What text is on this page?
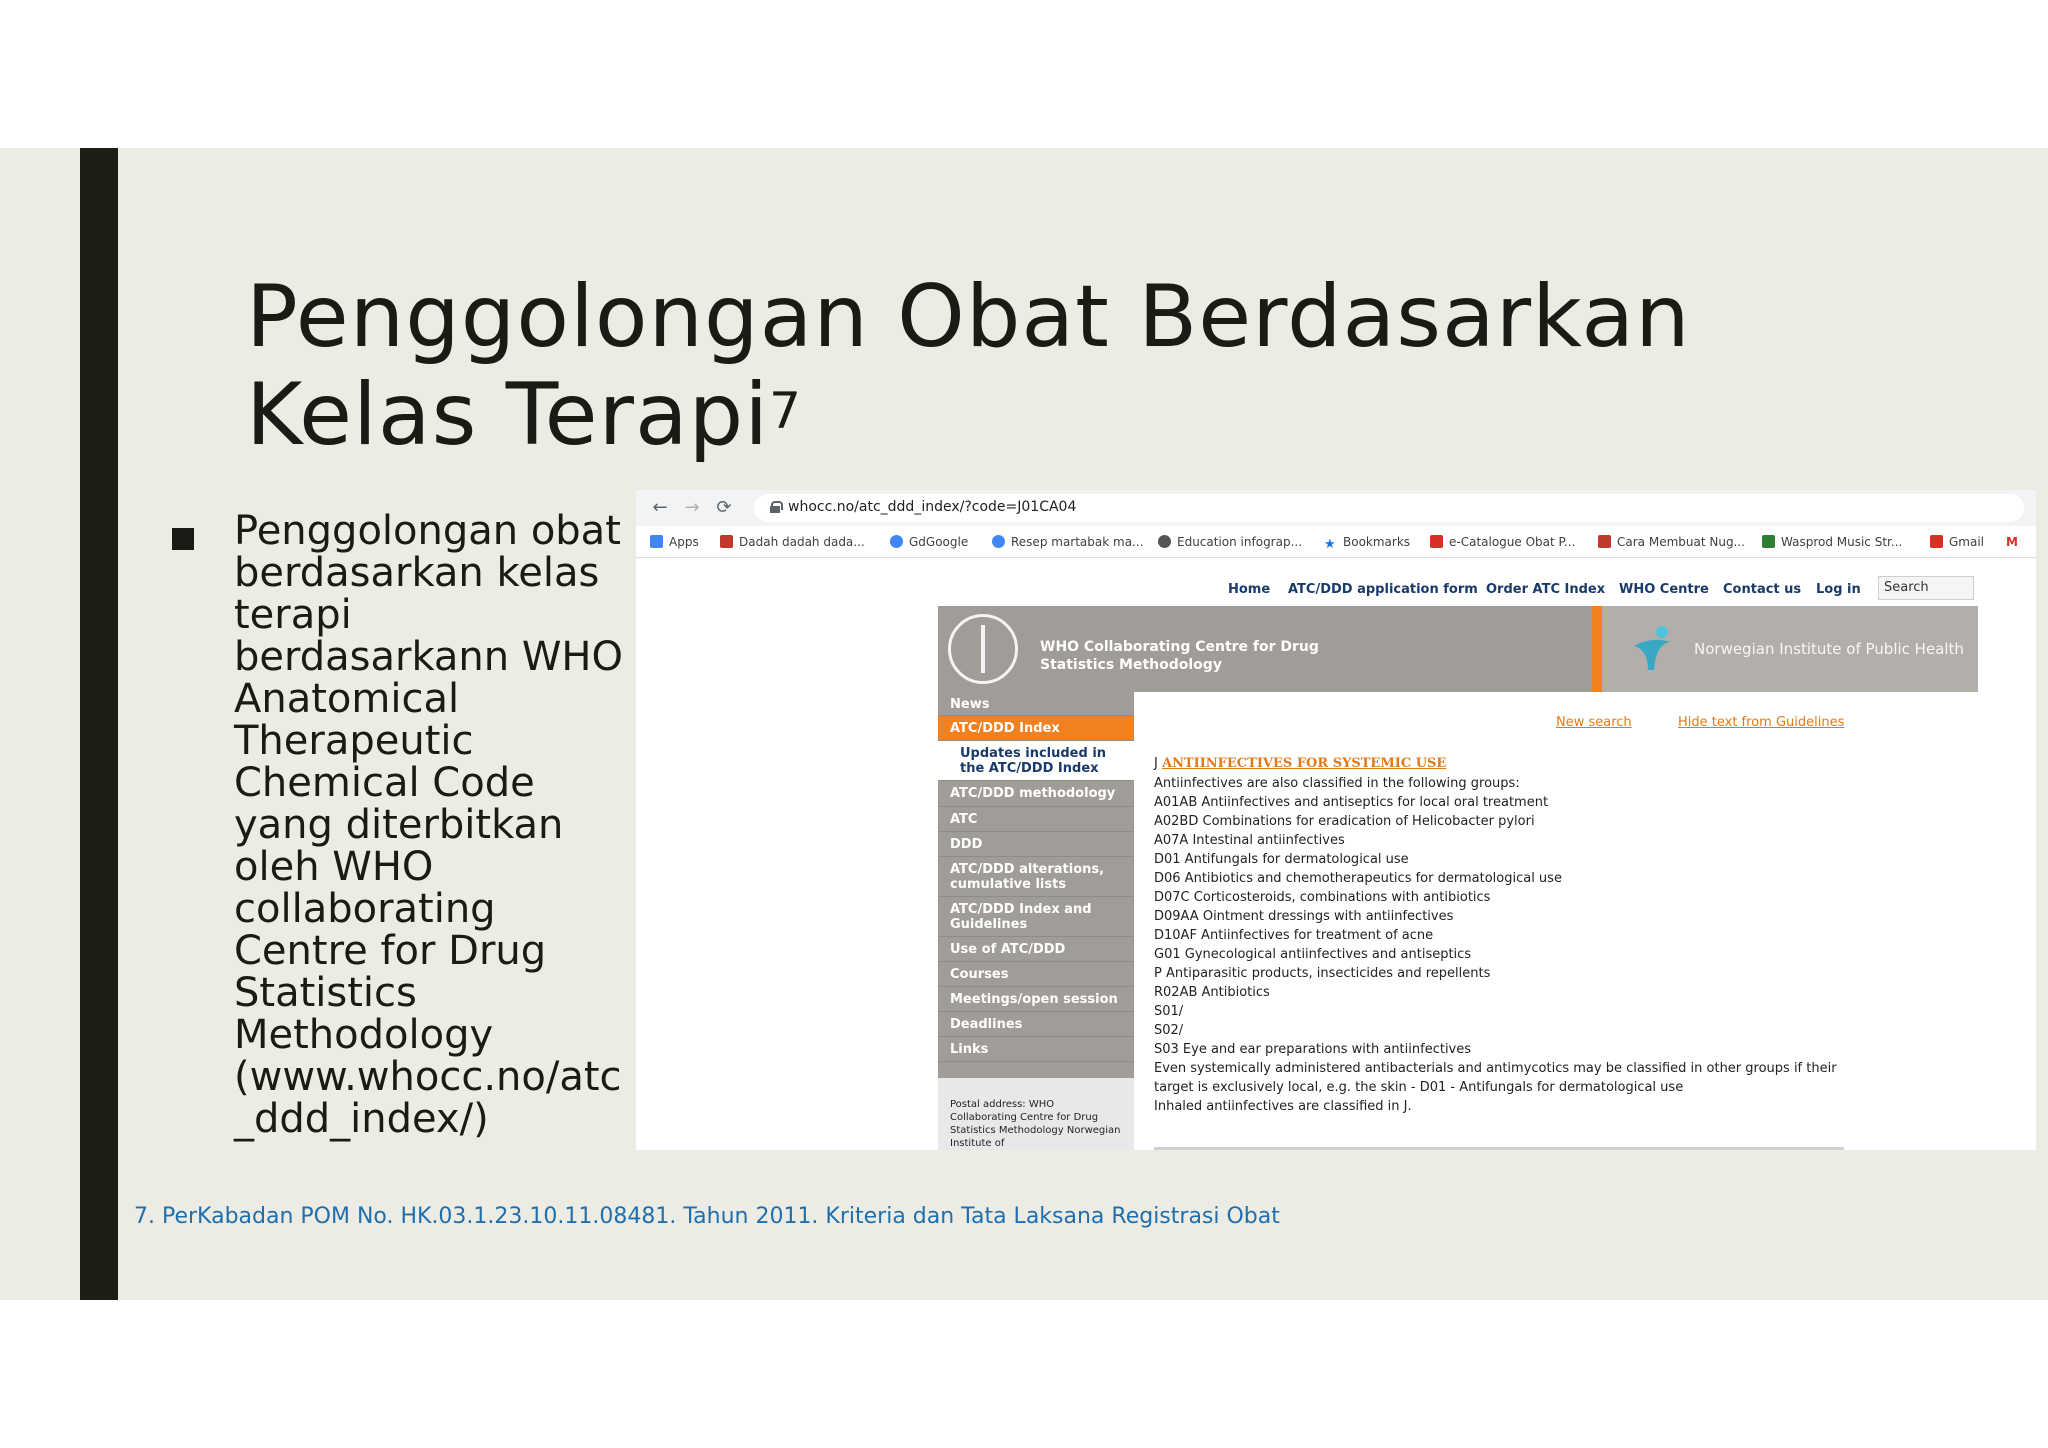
Penggolongan Obat Berdasarkan
Kelas Terapi$^7$
Penggolongan obat berdasarkan kelas terapi berdasarkann WHO Anatomical Therapeutic Chemical Code yang diterbitkan oleh WHO collaborating Centre for Drug Statistics Methodology (www.whocc.no/atc _ddd_index/)
7. PerKabadan POM No. HK.03.1.23.10.11.08481. Tahun 2011. Kriteria dan Tata Laksana Registrasi Obat
← → ⟳	whocc.no/atc_ddd_index/?code=J01CA04
Apps	Dadah dadah dada...	GdGoogle	Resep martabak ma...	Education infograp... ★ Bookmarks	e-Catalogue Obat P...	Cara Membuat Nug...	Wasprod Music Str...	Gmail M
Home ATC/DDD application form Order ATC Index WHO Centre Contact us Log in	Search
WHO Collaborating Centre for Drug Statistics Methodology
Norwegian Institute of Public Health
News
ATC/DDD Index
Updates included in the ATC/DDD Index
ATC/DDD methodology
ATC
DDD
ATC/DDD alterations, cumulative lists
ATC/DDD Index and Guidelines
Use of ATC/DDD
Courses
Meetings/open session
Deadlines
Links
Postal address: WHO Collaborating Centre for Drug Statistics Methodology Norwegian Institute of
New search	Hide text from Guidelines
J ANTIINFECTIVES FOR SYSTEMIC USE
Antiinfectives are also classified in the following groups:
A01AB Antiinfectives and antiseptics for local oral treatment
A02BD Combinations for eradication of Helicobacter pylori
A07A Intestinal antiinfectives
D01 Antifungals for dermatological use
D06 Antibiotics and chemotherapeutics for dermatological use
D07C Corticosteroids, combinations with antibiotics
D09AA Ointment dressings with antiinfectives
D10AF Antiinfectives for treatment of acne
G01 Gynecological antiinfectives and antiseptics
P Antiparasitic products, insecticides and repellents
R02AB Antibiotics
S01/
S02/
S03 Eye and ear preparations with antiinfectives
Even systemically administered antibacterials and antimycotics may be classified in other groups if their target is exclusively local, e.g. the skin - D01 - Antifungals for dermatological use
Inhaled antiinfectives are classified in J.
